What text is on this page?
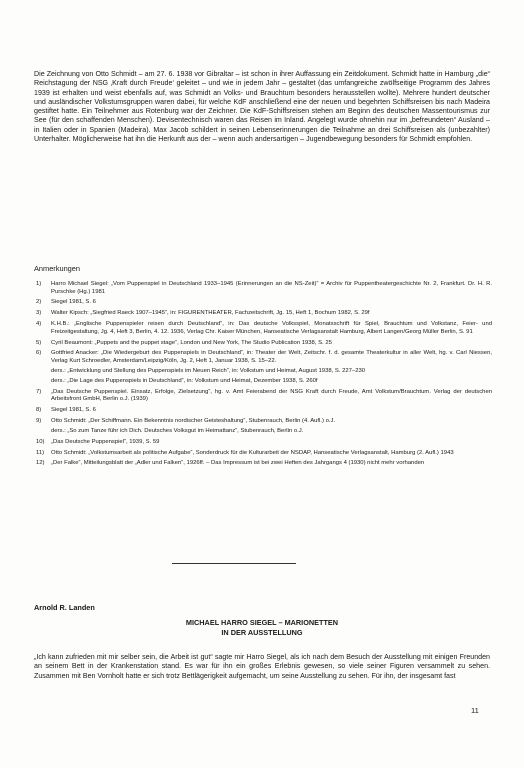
Die Zeichnung von Otto Schmidt – am 27. 6. 1938 vor Gibraltar – ist schon in ihrer Auffassung ein Zeitdokument. Schmidt hatte in Hamburg „die“ Reichstagung der NSG ‚Kraft durch Freude‘ geleitet – und wie in jedem Jahr – gestaltet (das umfangreiche zwölfseitige Programm des Jahres 1939 ist erhalten und weist ebenfalls auf, was Schmidt an Volks- und Brauchtum besonders herausstellen wollte). Mehrere hundert deutscher und ausländischer Volkstumsgruppen waren dabei, für welche KdF anschließend eine der neuen und begehrten Schiffsreisen bis nach Madeira gestiftet hatte. Ein Teilnehmer aus Rotenburg war der Zeichner. Die KdF-Schiffsreisen stehen am Beginn des deutschen Massentourismus zur See (für den schaffenden Menschen). Devisentechnisch waren das Reisen im Inland. Angelegt wurde ohnehin nur im „befreundeten“ Ausland – in Italien oder in Spanien (Madeira). Max Jacob schildert in seinen Lebenserinnerungen die Teilnahme an drei Schiffsreisen als (unbezahlter) Unterhalter. Möglicherweise hat ihn die Herkunft aus der – wenn auch andersartigen – Jugendbewegung besonders für Schmidt empfohlen.

Anmerkungen

1)	Harro Michael Siegel: „Vom Puppenspiel in Deutschland 1933–1945 (Erinnerungen an die NS-Zeit)“ = Archiv für Puppentheatergeschichte Nr. 2, Frankfurt. Dr. H. R. Purschke (Hg.) 1981
2)	Siegel 1981, S. 6
3)	Walter Kipsch: „Siegfried Raeck 1907–1945“, in: FIGURENTHEATER, Fachzeitschrift, Jg. 15, Heft 1, Bochum 1982, S. 29f
4)	K.H.B.: „Englische Puppenspieler reisen durch Deutschland“, in: Das deutsche Volksspiel, Monatsschrift für Spiel, Brauchtum und Volkstanz, Feier- und Freizeitgestaltung, Jg. 4, Heft 3, Berlin, 4. 12. 1936, Verlag Chr. Kaiser München, Hanseatische Verlagsanstalt Hamburg, Albert Langen/Georg Müller Berlin, S. 91
5)	Cyril Beaumont: „Puppets and the puppet stage“, London und New York, The Studio Publication 1938, S. 25
6)	Gottfried Anacker: „Die Wiedergeburt des Puppenspiels in Deutschland“, in: Theater der Welt, Zeitschr. f. d. gesamte Theaterkultur in aller Welt, hg. v. Carl Niessen, Verlag Kurt Schroedler, Amsterdam/Leipzig/Köln, Jg. 2, Heft 1, Januar 1938, S. 15–22.
ders.: „Entwicklung und Stellung des Puppenspiels im Neuen Reich“, in: Volkstum und Heimat, August 1938, S. 227–230
ders.: „Die Lage des Puppenspiels in Deutschland“, in: Volkstum und Heimat, Dezember 1938, S. 260f
7)	„Das Deutsche Puppenspiel. Einsatz, Erfolge, Zielsetzung“, hg. v. Amt Feierabend der NSG Kraft durch Freude, Amt Volkstum/Brauchtum. Verlag der deutschen Arbeitsfront GmbH, Berlin o.J. (1939)
8)	Siegel 1981, S. 6
9)	Otto Schmidt: „Der Schiffmann. Ein Bekenntnis nordischer Geisteshaltung“, Stubenrauch, Berlin (4. Aufl.) o.J.
ders.: „So zum Tanze führ ich Dich. Deutsches Volksgut im Heimattanz“, Stubenrauch, Berlin o.J.
10)	„Das Deutsche Puppenspiel“, 1939, S. 59
11)	Otto Schmidt: „Volkstumsarbeit als politische Aufgabe“, Sonderdruck für die Kulturarbeit der NSDAP, Hanseatische Verlagsanstalt, Hamburg (2. Aufl.) 1943
12)	„Der Falke“, Mitteilungsblatt der „Adler und Falken“, 1926ff. – Das Impressum ist bei zwei Heften des Jahrgangs 4 (1930) nicht mehr vorhanden

Arnold R. Landen

MICHAEL HARRO SIEGEL – MARIONETTEN
IN DER AUSSTELLUNG

„Ich kann zufrieden mit mir selber sein, die Arbeit ist gut“ sagte mir Harro Siegel, als ich nach dem Besuch der Ausstellung mit einigen Freunden an seinem Bett in der Krankenstation stand. Es war für ihn ein großes Erlebnis gewesen, so viele seiner Figuren versammelt zu sehen. Zusammen mit Ben Vornholt hatte er sich trotz Bettlägerigkeit aufgemacht, um seine Ausstellung zu sehen. Für ihn, der insgesamt fast

11
